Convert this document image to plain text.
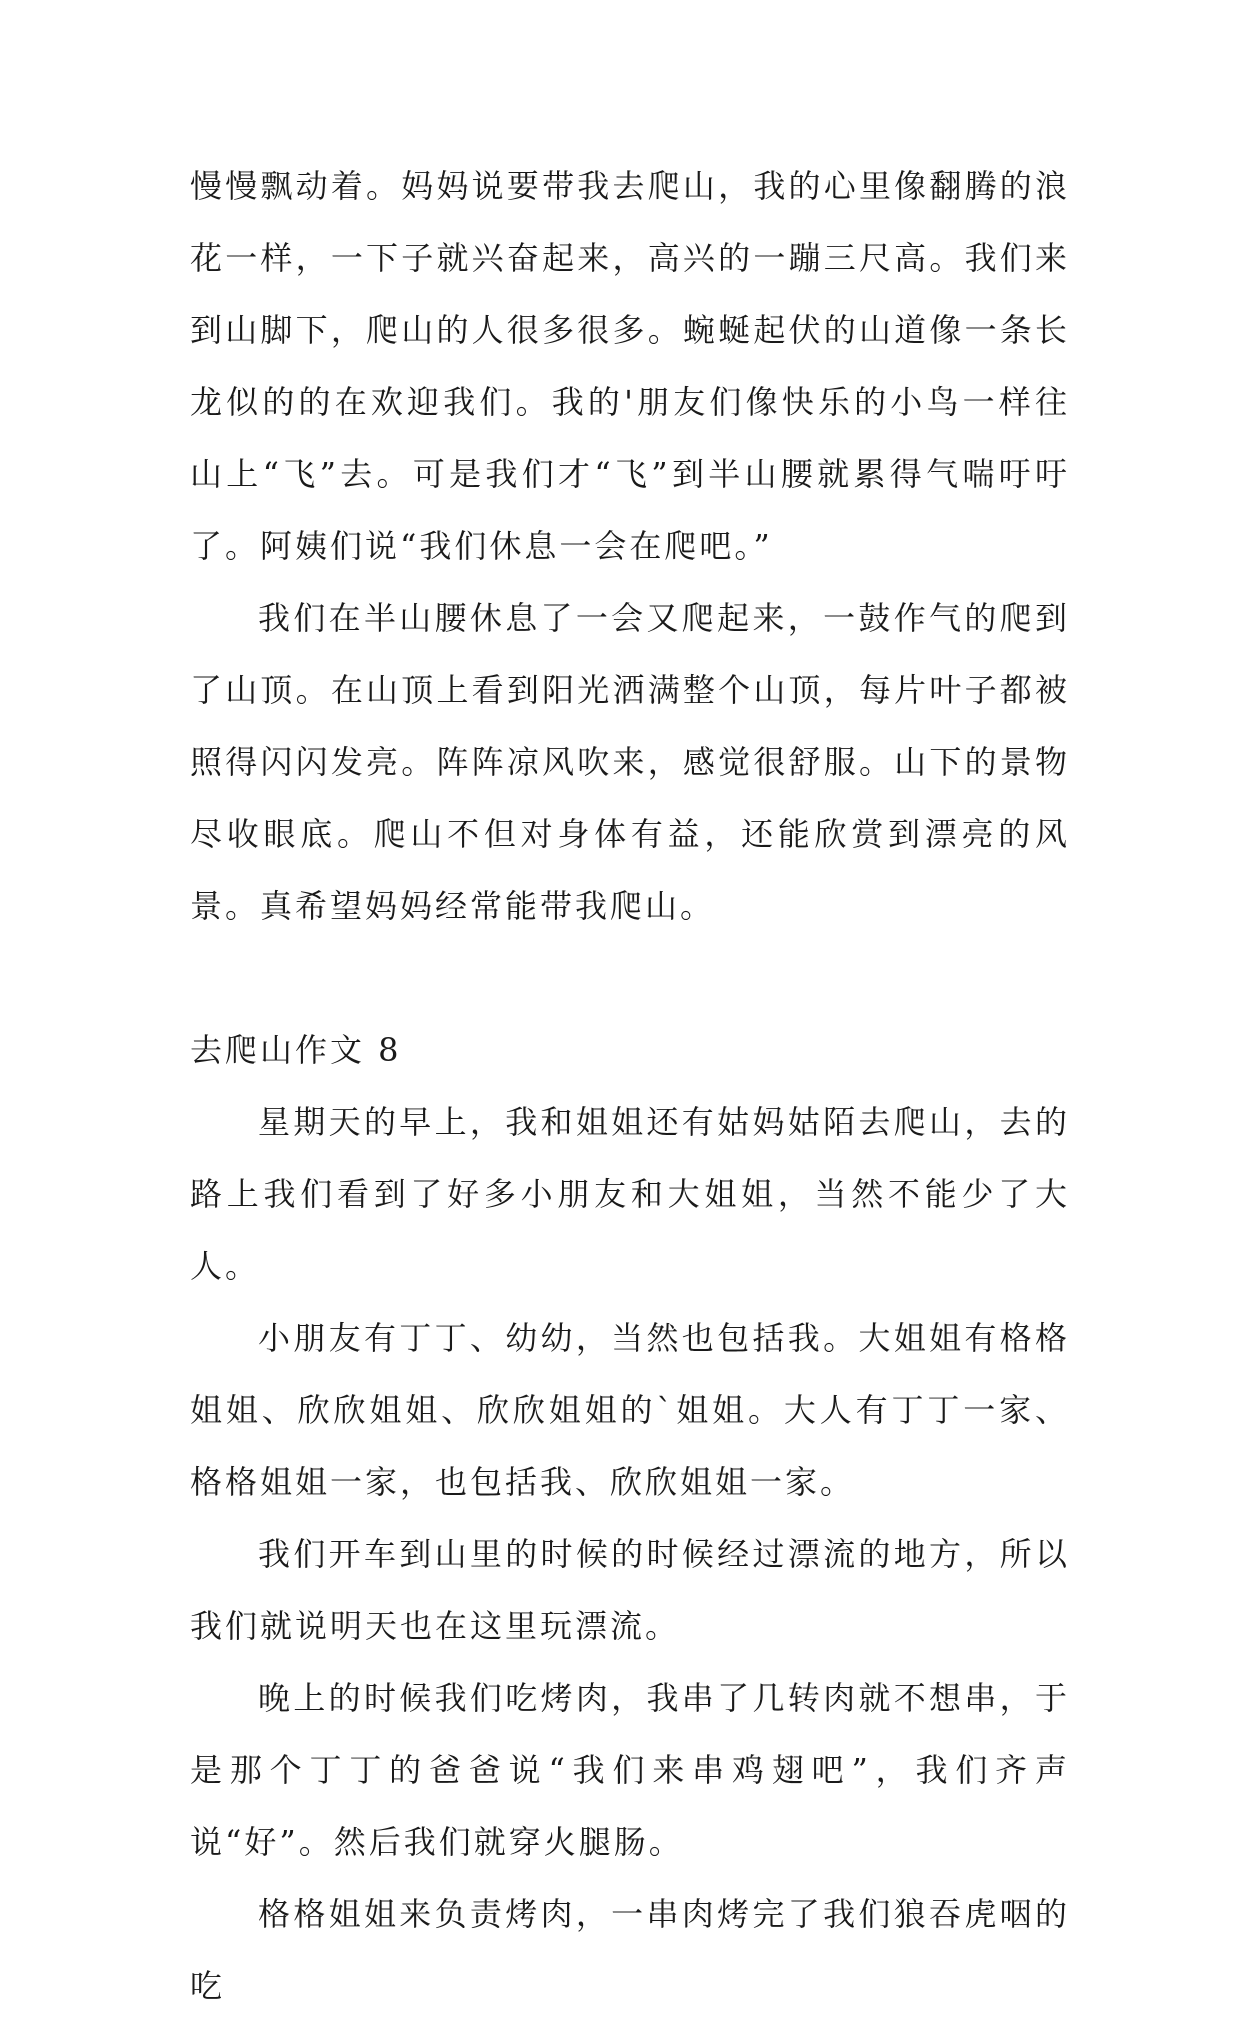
慢慢飘动着。妈妈说要带我去爬山，我的心里像翻腾的浪花一样，一下子就兴奋起来，高兴的一蹦三尺高。我们来到山脚下，爬山的人很多很多。蜿蜒起伏的山道像一条长龙似的的在欢迎我们。我的'朋友们像快乐的小鸟一样往山上“飞”去。可是我们才“飞”到半山腰就累得气喘吁吁了。阿姨们说“我们休息一会在爬吧。”

我们在半山腰休息了一会又爬起来，一鼓作气的爬到了山顶。在山顶上看到阳光洒满整个山顶，每片叶子都被照得闪闪发亮。阵阵凉风吹来，感觉很舒服。山下的景物尽收眼底。爬山不但对身体有益，还能欣赏到漂亮的风景。真希望妈妈经常能带我爬山。

去爬山作文 8

星期天的早上，我和姐姐还有姑妈姑陌去爬山，去的路上我们看到了好多小朋友和大姐姐，当然不能少了大人。

小朋友有丁丁、幼幼，当然也包括我。大姐姐有格格姐姐、欣欣姐姐、欣欣姐姐的`姐姐。大人有丁丁一家、格格姐姐一家，也包括我、欣欣姐姐一家。

我们开车到山里的时候的时候经过漂流的地方，所以我们就说明天也在这里玩漂流。

晚上的时候我们吃烤肉，我串了几转肉就不想串，于是那个丁丁的爸爸说“我们来串鸡翅吧”，我们齐声说“好”。然后我们就穿火腿肠。

格格姐姐来负责烤肉，一串肉烤完了我们狼吞虎咽的吃
